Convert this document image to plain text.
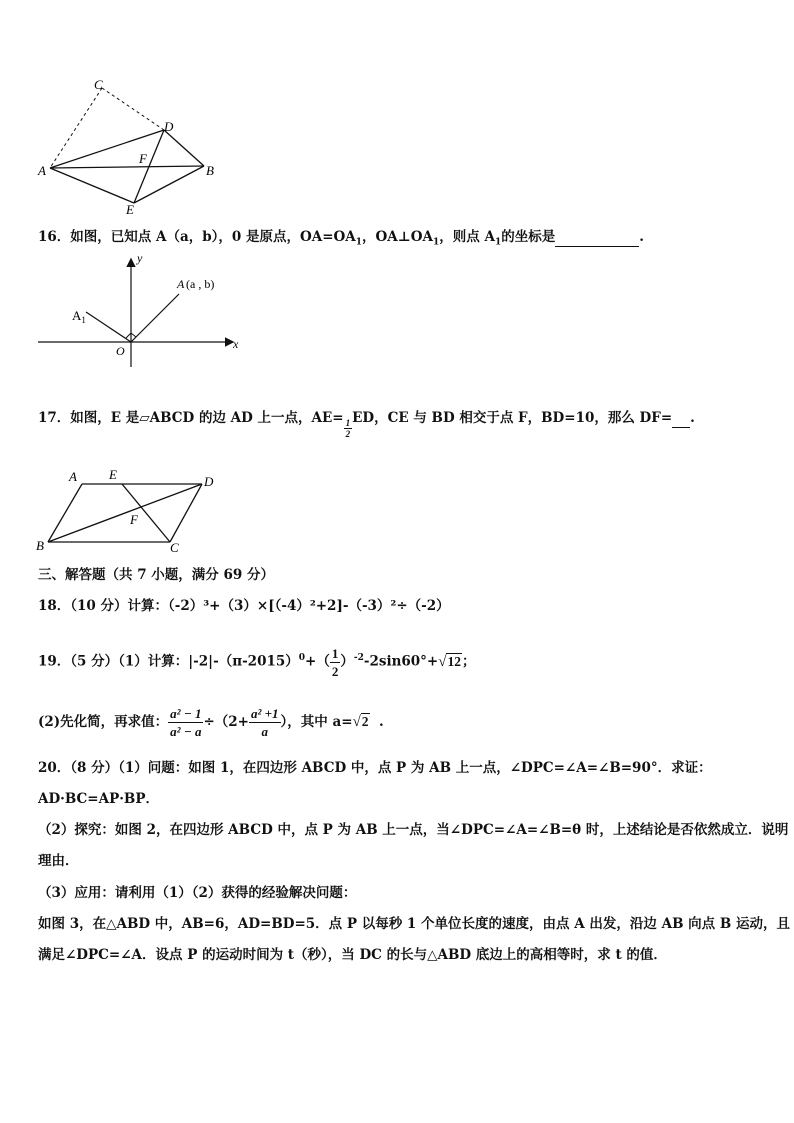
C
D
A
F
B
E
16．如图，已知点 A（a，b），0 是原点，$OA=OA_1$，$OA\perp OA_1$，则点 $A_1$的坐标是	.
y
A (a , b)
$A_1$
O	x
17．如图，E 是▱ABCD 的边 AD 上一点，$AE= \frac{1}{2}$ ED，CE 与 BD 相交于点 F，BD=10，那么 DF= .
A E	D
F
B	C
三、解答题（共 7 小题，满分 69 分）
18．（10 分）计算：（-2）³+（3）×[（-4）²+2]-（-3）²÷（-2）
19．（5 分）（1）计算：$|-2|-(\pi-2015)^0+( \frac{1}{2} )^{-2}-2\sin 60^\circ+√12$；
(2)先化简，再求值： $\frac{\text{a² − 1}}{\text{a² − a}} \div(2+ \frac{\text{a² +1}}{a}$ ），其中 a=√2 .
20．（8 分）（1）问题：如图 1，在四边形 ABCD 中，点 P 为 AB 上一点，∠DPC=∠A=∠B=90°．求证：
AD·BC=AP·BP．
（2）探究：如图 2，在四边形 ABCD 中，点 P 为 AB 上一点，当∠DPC=∠A=∠B=θ 时，上述结论是否依然成立．说明
理由．
（3）应用：请利用（1）（2）获得的经验解决问题：
如图 3，在△ABD 中，AB=6，AD=BD=5．点 P 以每秒 1 个单位长度的速度，由点 A 出发，沿边 AB 向点 B 运动，且
满足∠DPC=∠A．设点 P 的运动时间为 t（秒），当 DC 的长与△ABD 底边上的高相等时，求 t 的值．
